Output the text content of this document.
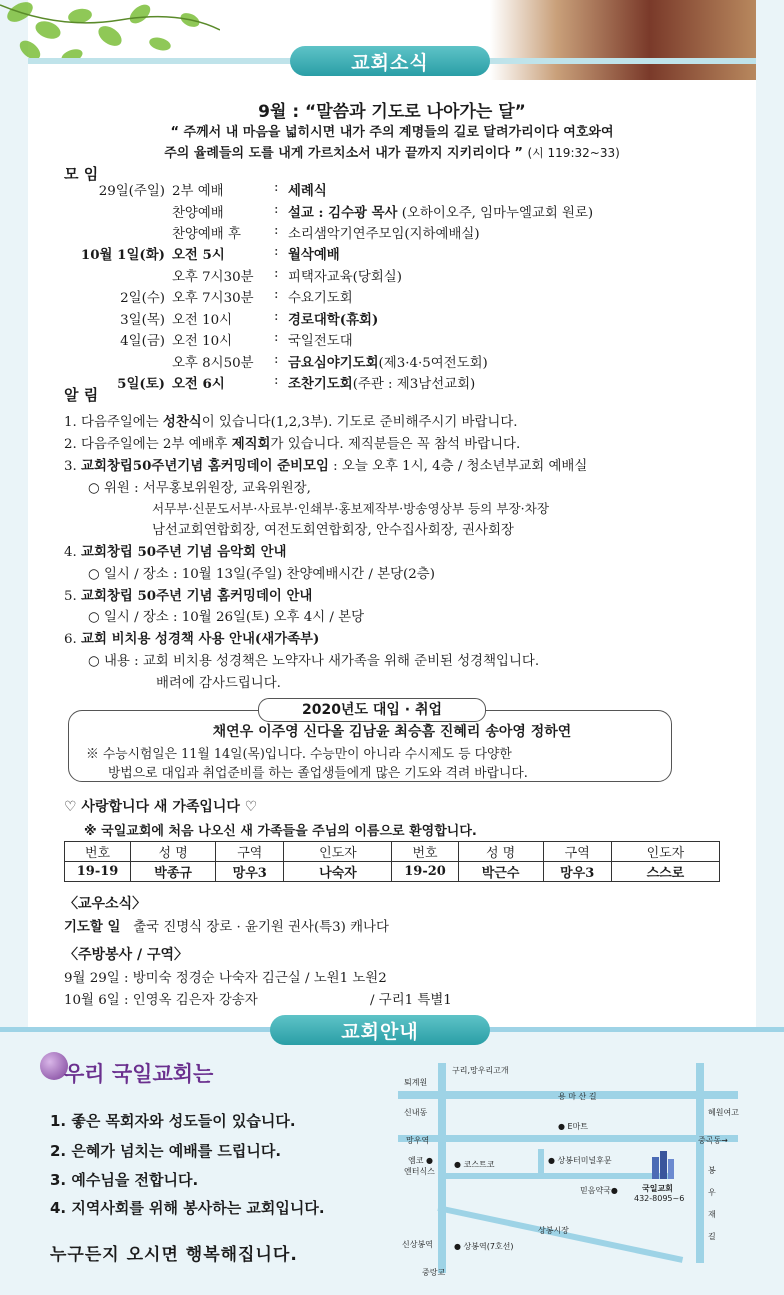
교회소식
9월 : “말씀과 기도로 나아가는 달”
“ 주께서 내 마음을 넓히시면 내가 주의 계명들의 길로 달려가리이다 여호와여
주의 율례들의 도를 내게 가르치소서 내가 끝까지 지키리이다 ” (시 119:32~33)
모 임
29일(주일) 2부 예배	: 세례식
찬양예배	: 설교 : 김수광 목사 (오하이오주, 임마누엘교회 원로)
찬양예배 후 : 소리샘악기연주모임(지하예배실)
10월 1일(화) 오전 5시	: 월삭예배
오후 7시30분 : 피택자교육(당회실)
2일(수) 오후 7시30분 : 수요기도회
3일(목) 오전 10시	: 경로대학(휴회)
4일(금) 오전 10시	: 국일전도대
오후 8시50분 : 금요심야기도회(제3·4·5여전도회)
5일(토) 오전 6시	: 조찬기도회(주관 : 제3남선교회)
알 림
1. 다음주일에는 성찬식이 있습니다(1,2,3부). 기도로 준비해주시기 바랍니다.
2. 다음주일에는 2부 예배후 제직회가 있습니다. 제직분들은 꼭 참석 바랍니다.
3. 교회창립50주년기념 홈커밍데이 준비모임 : 오늘 오후 1시, 4층 / 청소년부교회 예배실
○ 위원 : 서무홍보위원장, 교육위원장,
서무부·신문도서부·사료부·인쇄부·홍보제작부·방송영상부 등의 부장·차장
남선교회연합회장, 여전도회연합회장, 안수집사회장, 권사회장
4. 교회창립 50주년 기념 음악회 안내
○ 일시 / 장소 : 10월 13일(주일) 찬양예배시간 / 본당(2층)
5. 교회창립 50주년 기념 홈커밍데이 안내
○ 일시 / 장소 : 10월 26일(토) 오후 4시 / 본당
6. 교회 비치용 성경책 사용 안내(새가족부)
○ 내용 : 교회 비치용 성경책은 노약자나 새가족을 위해 준비된 성경책입니다.
배려에 감사드립니다.
2020년도 대입 · 취업
채연우 이주영 신다올 김남윤 최승흠 진혜리 송아영 정하연
※ 수능시험일은 11월 14일(목)입니다. 수능만이 아니라 수시제도 등 다양한
방법으로 대입과 취업준비를 하는 졸업생들에게 많은 기도와 격려 바랍니다.
♡ 사랑합니다 새 가족입니다 ♡
※ 국일교회에 처음 나오신 새 가족들을 주님의 이름으로 환영합니다.
번호	성 명	구역	인도자	번호	성 명	구역	인도자
19-19	박종규	망우3	나숙자	19-20	박근수	망우3	스스로
〈교우소식〉
기도할 일 출국 진명식 장로 · 윤기원 권사(특3) 캐나다
〈주방봉사 / 구역〉
9월 29일 : 방미숙 정경순 나숙자 김근실 / 노원1 노원2
10월 6일 : 인영옥 김은자 강송자	/ 구리1 특별1
교회안내
우리 국일교회는
1. 좋은 목회자와 성도들이 있습니다.
2. 은혜가 넘치는 예배를 드립니다.
3. 예수님을 전합니다.
4. 지역사회를 위해 봉사하는 교회입니다.
누구든지 오시면 행복해집니다.
구리,망우리고개
퇴계원
용 마 산 길
신내동	혜원여고
● E마트
망우역	중곡동→
엠코 ●
엔터식스
● 코스트코	● 상봉터미널후문
국일교회
432-8095~6
믿음약국●
상봉시장
신상봉역	● 상봉역(7호선)
중랑교
봉
우
재
길
